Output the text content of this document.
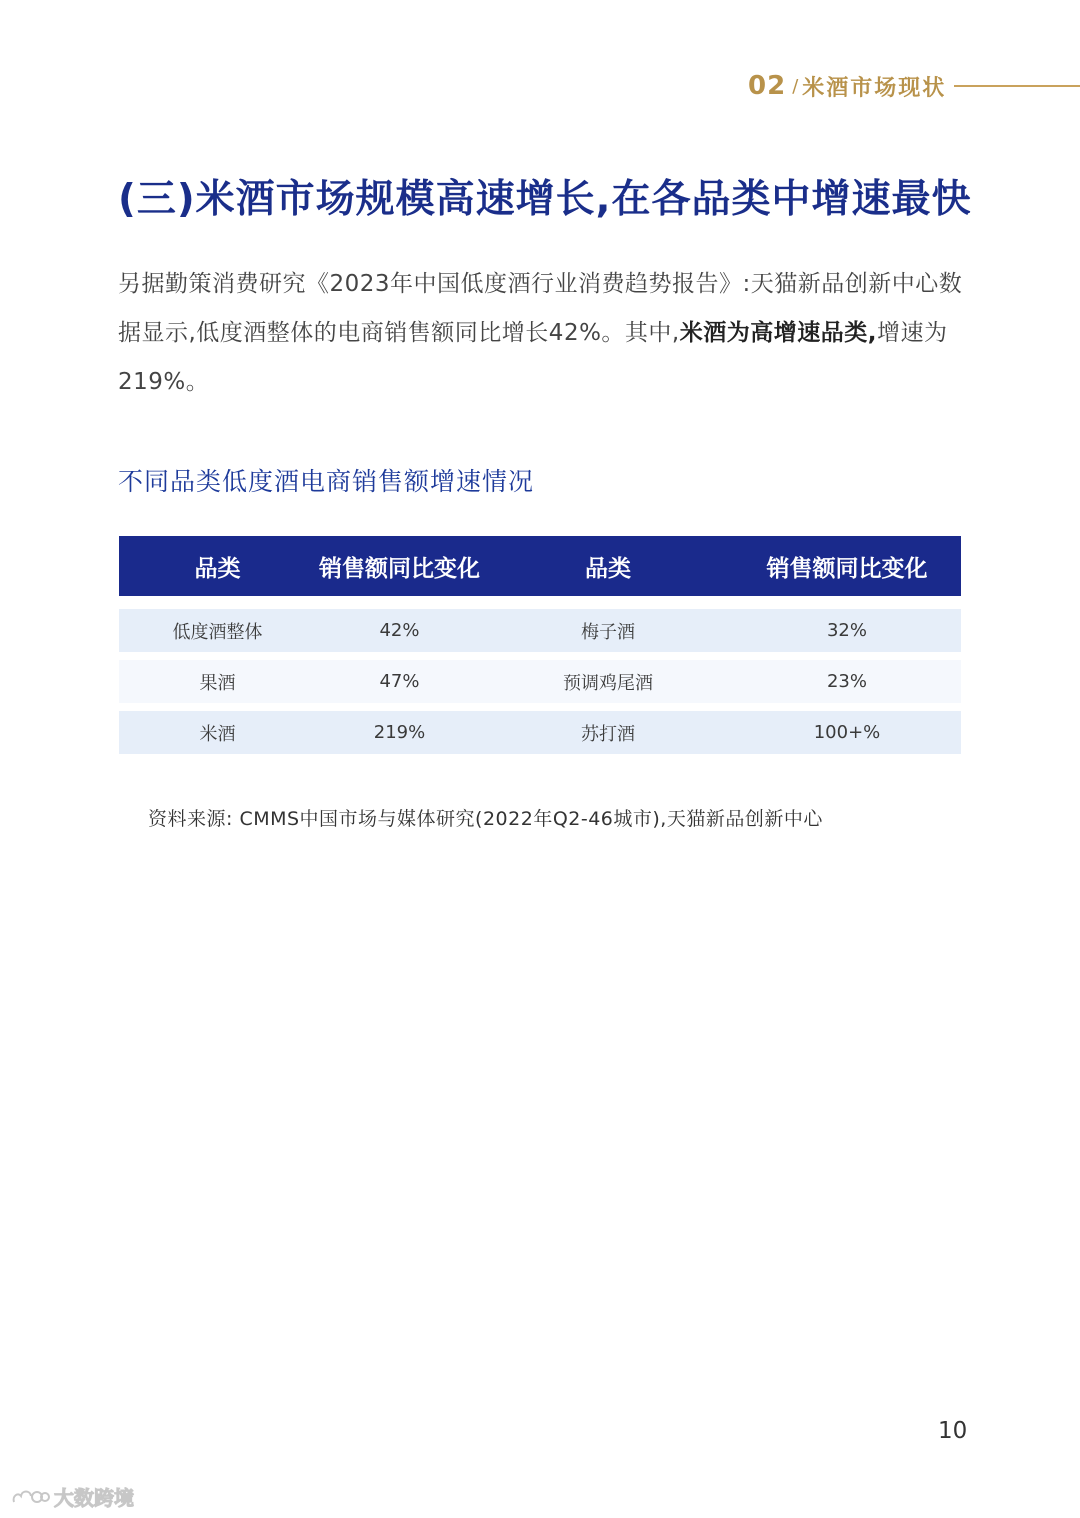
02 / 米酒市场现状
(三)米酒市场规模高速增长,在各品类中增速最快
另据勤策消费研究《2023年中国低度酒行业消费趋势报告》:天猫新品创新中心数据显示,低度酒整体的电商销售额同比增长42%。其中,米酒为高增速品类,增速为219%。
不同品类低度酒电商销售额增速情况
品类	销售额同比变化	品类	销售额同比变化

低度酒整体	42%	梅子酒	32%

果酒	47%	预调鸡尾酒	23%

米酒	219%	苏打酒	100+%
资料来源: CMMS中国市场与媒体研究(2022年Q2-46城市),天猫新品创新中心
10
大数跨境
